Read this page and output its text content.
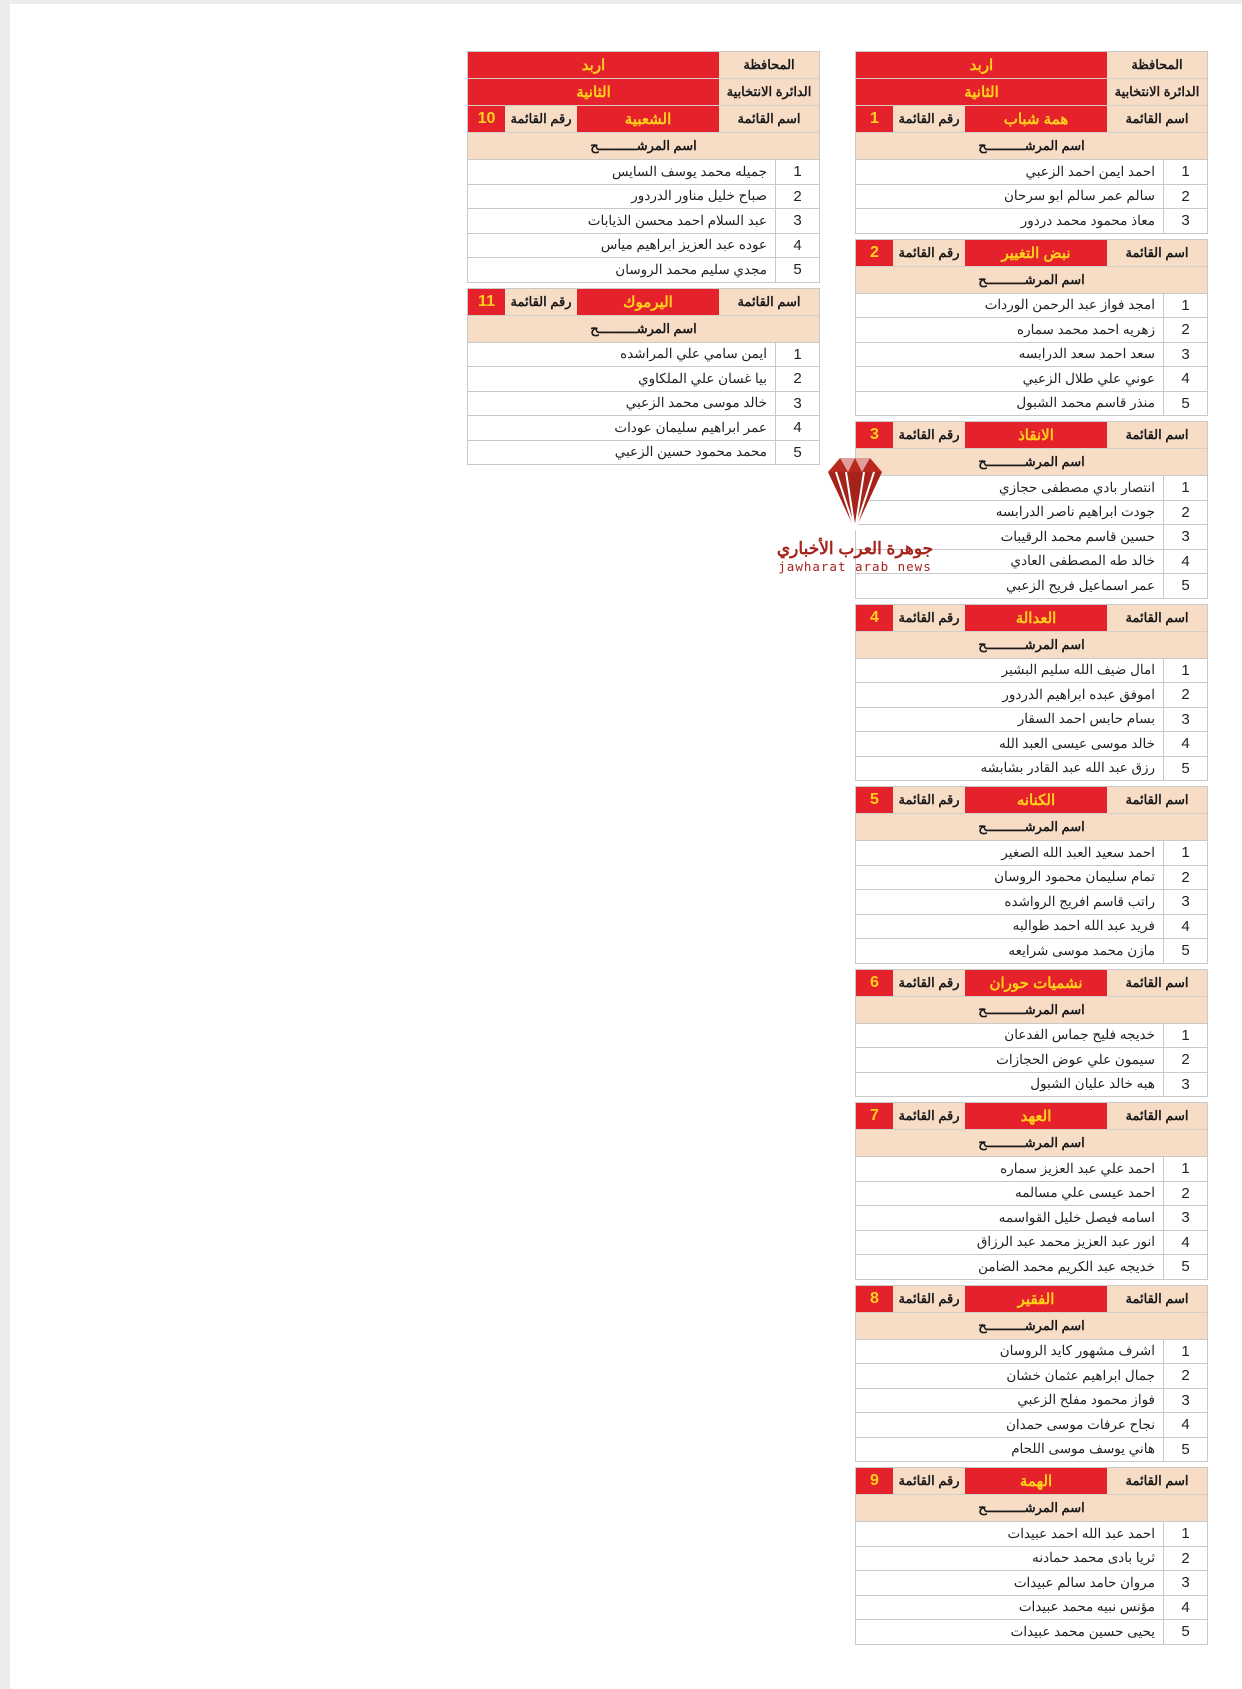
المحافظة
اربد
الدائرة الانتخابية
الثانية
اسم القائمة
همة شباب
رقم القائمة
1
اسم المرشــــــــــح
1
احمد ايمن احمد الزعبي
2
سالم عمر سالم ابو سرحان
3
معاذ محمود محمد دردور
اسم القائمة
نبض التغيير
رقم القائمة
2
اسم المرشــــــــــح
1
امجد فواز عبد الرحمن الوردات
2
زهريه احمد محمد سماره
3
سعد احمد سعد الدرابسه
4
عوني علي طلال الزعبي
5
منذر قاسم محمد الشبول
اسم القائمة
الانقاذ
رقم القائمة
3
اسم المرشــــــــــح
1
انتصار بادي مصطفى حجازي
2
جودت ابراهيم ناصر الدرابسه
3
حسين قاسم محمد الرقيبات
4
خالد طه المصطفى العادي
5
عمر اسماعيل فريح الزعبي
اسم القائمة
العدالة
رقم القائمة
4
اسم المرشــــــــــح
1
امال ضيف الله سليم البشير
2
اموفق عبده ابراهيم الدردور
3
بسام حابس احمد السقار
4
خالد موسى عيسى العبد الله
5
رزق عبد الله عبد القادر بشابشه
اسم القائمة
الكنانه
رقم القائمة
5
اسم المرشــــــــــح
1
احمد سعيد العبد الله الصغير
2
تمام سليمان محمود الروسان
3
راتب قاسم افريج الرواشده
4
فريد عبد الله احمد طوالبه
5
مازن محمد موسى شرايعه
اسم القائمة
نشميات حوران
رقم القائمة
6
اسم المرشــــــــــح
1
خديجه فليح جماس الفدعان
2
سيمون علي عوض الحجازات
3
هبه خالد عليان الشبول
اسم القائمة
العهد
رقم القائمة
7
اسم المرشــــــــــح
1
احمد علي عبد العزيز سماره
2
احمد عيسى علي مسالمه
3
اسامه فيصل خليل القواسمه
4
انور عبد العزيز محمد عبد الرزاق
5
خديجه عبد الكريم محمد الضامن
اسم القائمة
الفقير
رقم القائمة
8
اسم المرشــــــــــح
1
اشرف مشهور كايد الروسان
2
جمال ابراهيم عثمان خشان
3
فواز محمود مفلح الزعبي
4
نجاح عرفات موسى حمدان
5
هاني يوسف موسى اللحام
اسم القائمة
الهمة
رقم القائمة
9
اسم المرشــــــــــح
1
احمد عبد الله احمد عبيدات
2
ثريا بادى محمد حمادنه
3
مروان حامد سالم عبيدات
4
مؤنس نبيه محمد عبيدات
5
يحيى حسين محمد عبيدات
المحافظة
اربد
الدائرة الانتخابية
الثانية
اسم القائمة
الشعبية
رقم القائمة
10
اسم المرشــــــــــح
1
جميله محمد يوسف السايس
2
صباح خليل مناور الدردور
3
عبد السلام احمد محسن الذيابات
4
عوده عبد العزيز ابراهيم مياس
5
مجدي سليم محمد الروسان
اسم القائمة
اليرموك
رقم القائمة
11
اسم المرشــــــــــح
1
ايمن سامي علي المراشده
2
بيا غسان علي الملكاوي
3
خالد موسى محمد الزعبي
4
عمر ابراهيم سليمان عودات
5
محمد محمود حسين الزعبي
جوهرة العرب الأخباري
jawharat arab news
